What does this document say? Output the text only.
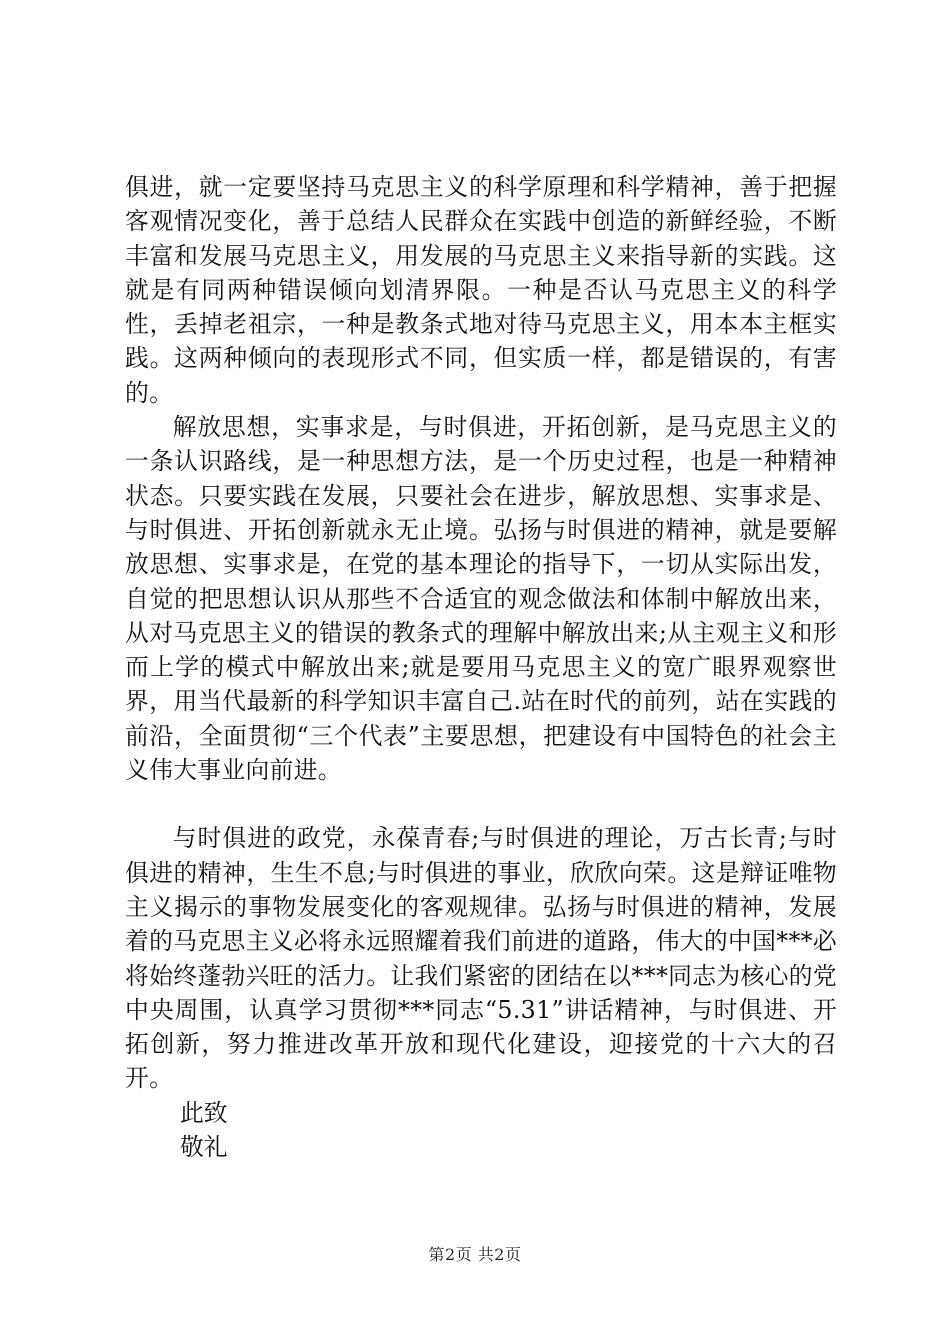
俱进，就一定要坚持马克思主义的科学原理和科学精神，善于把握客观情况变化，善于总结人民群众在实践中创造的新鲜经验，不断丰富和发展马克思主义，用发展的马克思主义来指导新的实践。这就是有同两种错误倾向划清界限。一种是否认马克思主义的科学性，丢掉老祖宗，一种是教条式地对待马克思主义，用本本主框实践。这两种倾向的表现形式不同，但实质一样，都是错误的，有害的。

解放思想，实事求是，与时俱进，开拓创新，是马克思主义的一条认识路线，是一种思想方法，是一个历史过程，也是一种精神状态。只要实践在发展，只要社会在进步，解放思想、实事求是、与时俱进、开拓创新就永无止境。弘扬与时俱进的精神，就是要解放思想、实事求是，在党的基本理论的指导下，一切从实际出发，自觉的把思想认识从那些不合适宜的观念做法和体制中解放出来，从对马克思主义的错误的教条式的理解中解放出来;从主观主义和形而上学的模式中解放出来;就是要用马克思主义的宽广眼界观察世界，用当代最新的科学知识丰富自己.站在时代的前列，站在实践的前沿，全面贯彻“三个代表”主要思想，把建设有中国特色的社会主义伟大事业向前进。

与时俱进的政党，永葆青春;与时俱进的理论，万古长青;与时俱进的精神，生生不息;与时俱进的事业，欣欣向荣。这是辩证唯物主义揭示的事物发展变化的客观规律。弘扬与时俱进的精神，发展着的马克思主义必将永远照耀着我们前进的道路，伟大的中国***必将始终蓬勃兴旺的活力。让我们紧密的团结在以***同志为核心的党中央周围，认真学习贯彻***同志“5.31”讲话精神，与时俱进、开拓创新，努力推进改革开放和现代化建设，迎接党的十六大的召开。

此致

敬礼

第2页 共2页
